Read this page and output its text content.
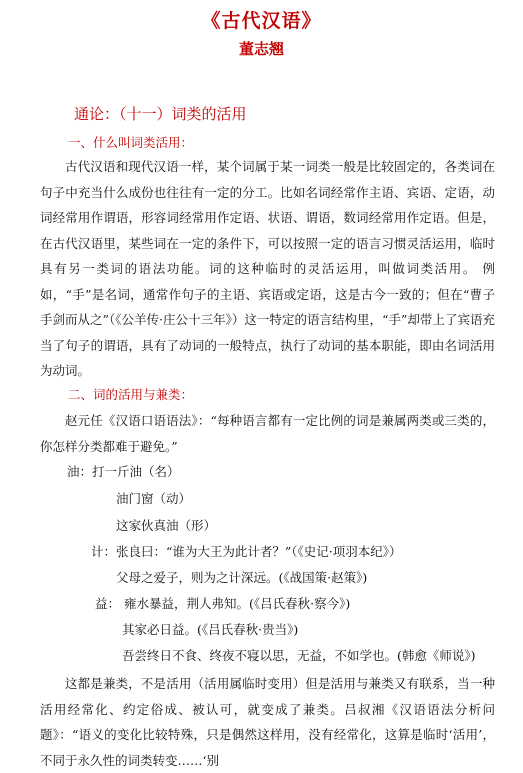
《古代汉语》
董志翘
通论：（十一）词类的活用
一、什么叫词类活用：

古代汉语和现代汉语一样，某个词属于某一词类一般是比较固定的，各类词在句子中充当什么成份也往往有一定的分工。比如名词经常作主语、宾语、定语，动词经常用作谓语，形容词经常用作定语、状语、谓语，数词经常用作定语。但是，在古代汉语里，某些词在一定的条件下，可以按照一定的语言习惯灵活运用，临时具有另一类词的语法功能。词的这种临时的灵活运用，叫做词类活用。 例如，“手”是名词，通常作句子的主语、宾语或定语，这是古今一致的；但在“曹子手剑而从之”（《公羊传·庄公十三年》）这一特定的语言结构里，“手”却带上了宾语充当了句子的谓语，具有了动词的一般特点，执行了动词的基本职能，即由名词活用为动词。

二、词的活用与兼类：

赵元任《汉语口语语法》：“每种语言都有一定比例的词是兼属两类或三类的，你怎样分类都难于避免。”

油：打一斤油（名）
油门窗（动）
这家伙真油（形）
计：张良曰：“谁为大王为此计者？”（《史记·项羽本纪》）
父母之爱子，则为之计深远。(《战国策·赵策》)
益： 雍水暴益，荆人弗知。(《吕氏春秋·察今》)
其家必日益。(《吕氏春秋·贵当》)
吾尝终日不食、终夜不寝以思，无益，不如学也。(韩愈《师说》)

这都是兼类，不是活用（活用属临时变用）但是活用与兼类又有联系，当一种活用经常化、约定俗成、被认可，就变成了兼类。吕叔湘《汉语语法分析问题》：“语义的变化比较特殊，只是偶然这样用，没有经常化，这算是临时‘活用’，不同于永久性的词类转变……‘别
